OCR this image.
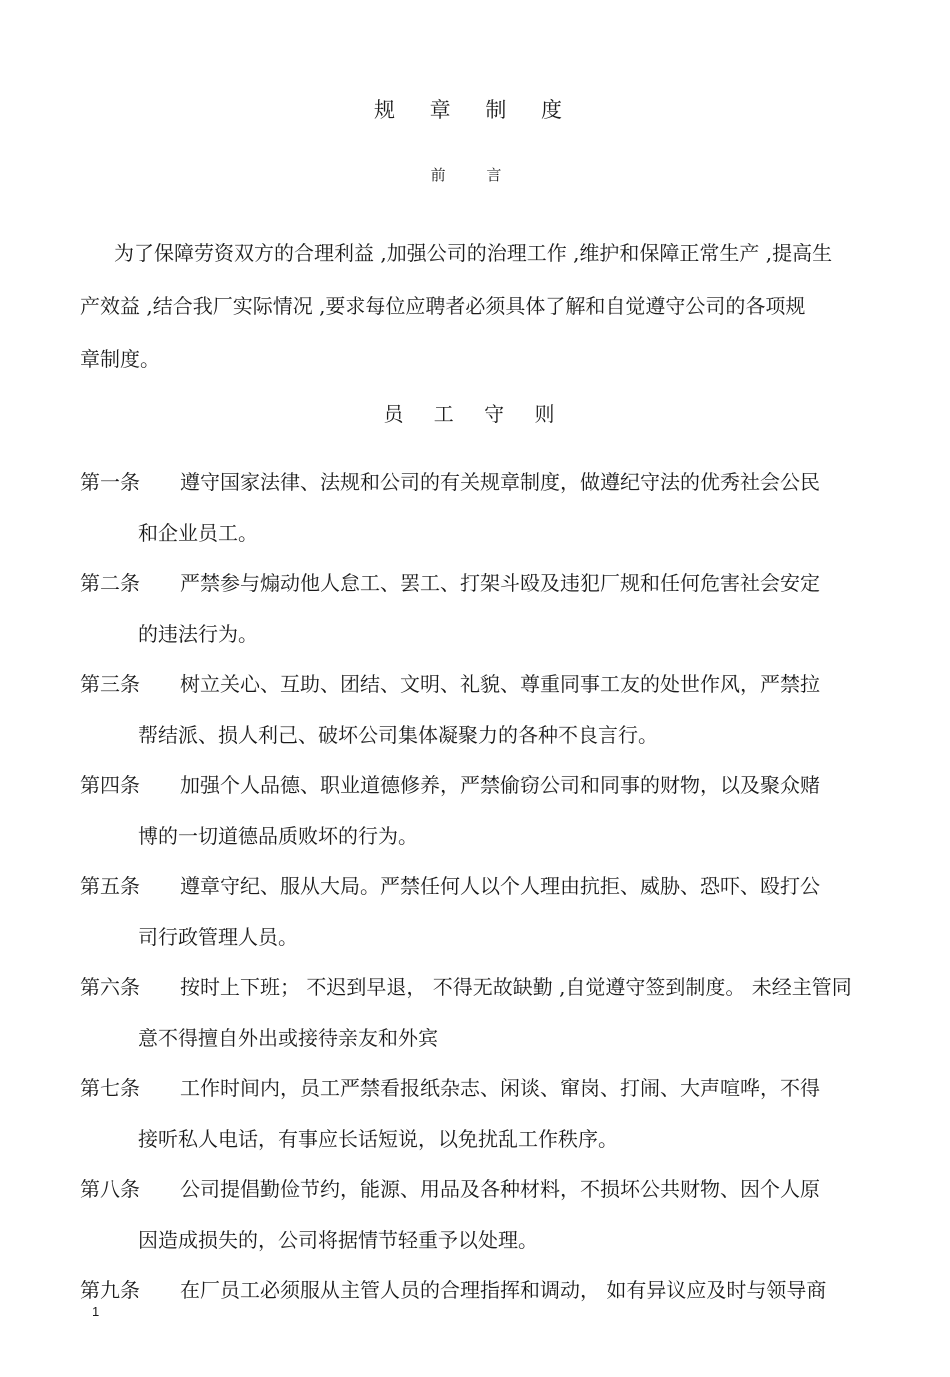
规 章 制 度
前 言
为了保障劳资双方的合理利益 ,加强公司的治理工作 ,维护和保障正常生产 ,提高生
产效益 ,结合我厂实际情况 ,要求每位应聘者必须具体了解和自觉遵守公司的各项规
章制度。
员 工 守 则
第一条 遵守国家法律、法规和公司的有关规章制度，做遵纪守法的优秀社会公民
和企业员工。
第二条 严禁参与煽动他人怠工、罢工、打架斗殴及违犯厂规和任何危害社会安定
的违法行为。
第三条 树立关心、互助、团结、文明、礼貌、尊重同事工友的处世作风，严禁拉
帮结派、损人利己、破坏公司集体凝聚力的各种不良言行。
第四条 加强个人品德、职业道德修养，严禁偷窃公司和同事的财物，以及聚众赌
博的一切道德品质败坏的行为。
第五条 遵章守纪、服从大局。严禁任何人以个人理由抗拒、威胁、恐吓、殴打公
司行政管理人员。
第六条 按时上下班； 不迟到早退， 不得无故缺勤 ,自觉遵守签到制度。 未经主管同
意不得擅自外出或接待亲友和外宾
第七条 工作时间内，员工严禁看报纸杂志、闲谈、窜岗、打闹、大声喧哗，不得
接听私人电话，有事应长话短说，以免扰乱工作秩序。
第八条 公司提倡勤俭节约，能源、用品及各种材料，不损坏公共财物、因个人原
因造成损失的，公司将据情节轻重予以处理。
第九条 在厂员工必须服从主管人员的合理指挥和调动， 如有异议应及时与领导商
1
